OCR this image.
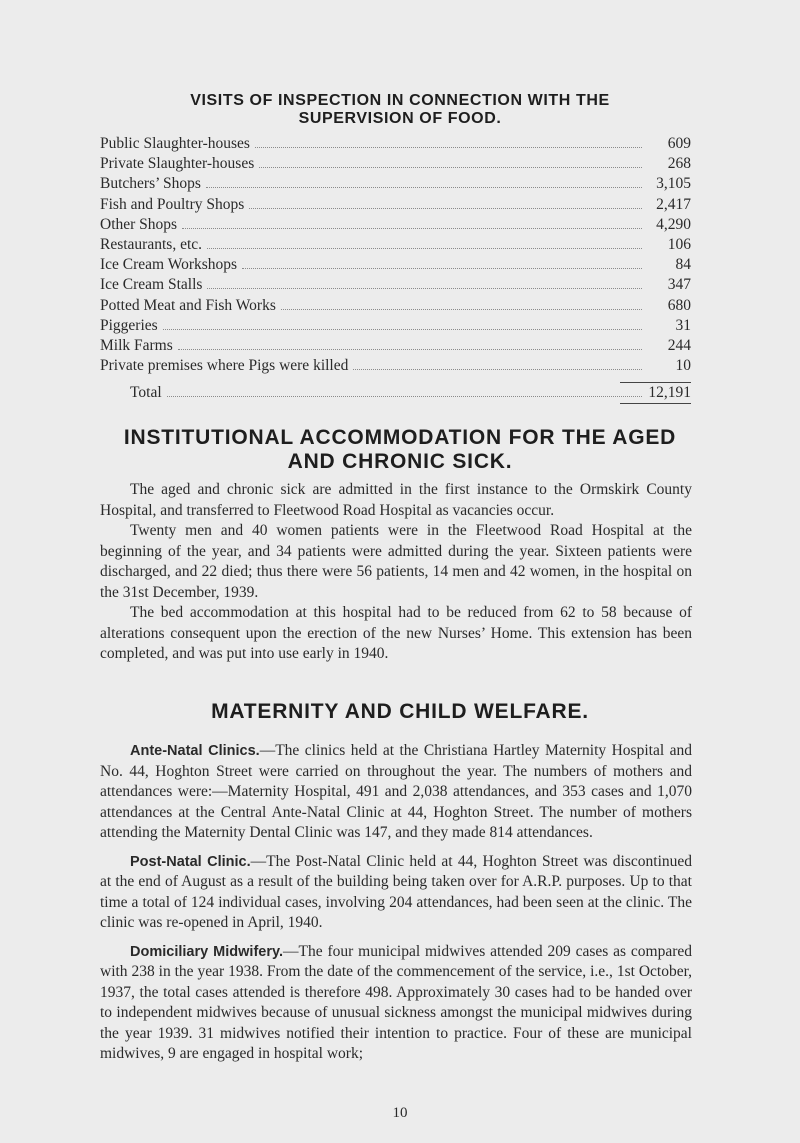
VISITS OF INSPECTION IN CONNECTION WITH THE
SUPERVISION OF FOOD.
Public Slaughter-houses	609
Private Slaughter-houses	268
Butchers’ Shops	3,105
Fish and Poultry Shops	2,417
Other Shops	4,290
Restaurants, etc.	106
Ice Cream Workshops	84
Ice Cream Stalls	347
Potted Meat and Fish Works	680
Piggeries	31
Milk Farms	244
Private premises where Pigs were killed	10
Total	12,191
INSTITUTIONAL ACCOMMODATION FOR THE AGED
AND CHRONIC SICK.

The aged and chronic sick are admitted in the first instance to the Ormskirk County Hospital, and transferred to Fleetwood Road Hospital as vacancies occur.

Twenty men and 40 women patients were in the Fleetwood Road Hospital at the beginning of the year, and 34 patients were admitted during the year. Sixteen patients were discharged, and 22 died; thus there were 56 patients, 14 men and 42 women, in the hospital on the 31st December, 1939.

The bed accommodation at this hospital had to be reduced from 62 to 58 because of alterations consequent upon the erection of the new Nurses’ Home. This extension has been completed, and was put into use early in 1940.

MATERNITY AND CHILD WELFARE.

Ante-Natal Clinics.—The clinics held at the Christiana Hartley Maternity Hospital and No. 44, Hoghton Street were carried on throughout the year. The numbers of mothers and attendances were:—Maternity Hospital, 491 and 2,038 attendances, and 353 cases and 1,070 attendances at the Central Ante-Natal Clinic at 44, Hoghton Street. The number of mothers attending the Maternity Dental Clinic was 147, and they made 814 attendances.

Post-Natal Clinic.—The Post-Natal Clinic held at 44, Hoghton Street was discontinued at the end of August as a result of the building being taken over for A.R.P. purposes. Up to that time a total of 124 individual cases, involving 204 attendances, had been seen at the clinic. The clinic was re-opened in April, 1940.

Domiciliary Midwifery.—The four municipal midwives attended 209 cases as compared with 238 in the year 1938. From the date of the commencement of the service, i.e., 1st October, 1937, the total cases attended is therefore 498. Approximately 30 cases had to be handed over to independent midwives because of unusual sickness amongst the municipal midwives during the year 1939. 31 midwives notified their intention to practice. Four of these are municipal midwives, 9 are engaged in hospital work;

10
